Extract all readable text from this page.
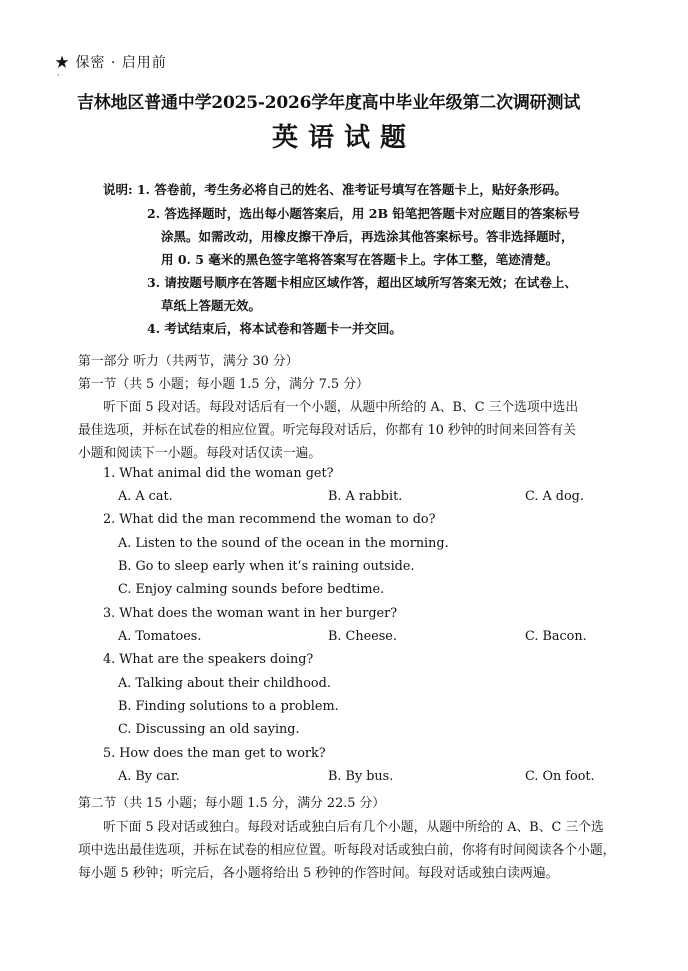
★ 保密 · 启用前
·
吉林地区普通中学2025-2026学年度高中毕业年级第二次调研测试
英语试题
说明: 1. 答卷前，考生务必将自己的姓名、准考证号填写在答题卡上，贴好条形码。
2. 答选择题时，选出每小题答案后，用 2B 铅笔把答题卡对应题目的答案标号
涂黑。如需改动，用橡皮擦干净后，再选涂其他答案标号。答非选择题时，
用 0. 5 毫米的黑色签字笔将答案写在答题卡上。字体工整，笔迹清楚。
3. 请按题号顺序在答题卡相应区域作答，超出区域所写答案无效；在试卷上、
草纸上答题无效。
4. 考试结束后，将本试卷和答题卡一并交回。
第一部分 听力（共两节，满分 30 分）
第一节（共 5 小题；每小题 1.5 分，满分 7.5 分）
听下面 5 段对话。每段对话后有一个小题，从题中所给的 A、B、C 三个选项中选出
最佳选项，并标在试卷的相应位置。听完每段对话后，你都有 10 秒钟的时间来回答有关
小题和阅读下一小题。每段对话仅读一遍。
1. What animal did the woman get?
A. A cat.	B. A rabbit.	C. A dog.
2. What did the man recommend the woman to do?
A. Listen to the sound of the ocean in the morning.
B. Go to sleep early when it’s raining outside.
C. Enjoy calming sounds before bedtime.
3. What does the woman want in her burger?
A. Tomatoes.	B. Cheese.	C. Bacon.
4. What are the speakers doing?
A. Talking about their childhood.
B. Finding solutions to a problem.
C. Discussing an old saying.
5. How does the man get to work?
A. By car.	B. By bus.	C. On foot.
第二节（共 15 小题；每小题 1.5 分，满分 22.5 分）
听下面 5 段对话或独白。每段对话或独白后有几个小题，从题中所给的 A、B、C 三个选
项中选出最佳选项，并标在试卷的相应位置。听每段对话或独白前，你将有时间阅读各个小题，
每小题 5 秒钟；听完后，各小题将给出 5 秒钟的作答时间。每段对话或独白读两遍。
